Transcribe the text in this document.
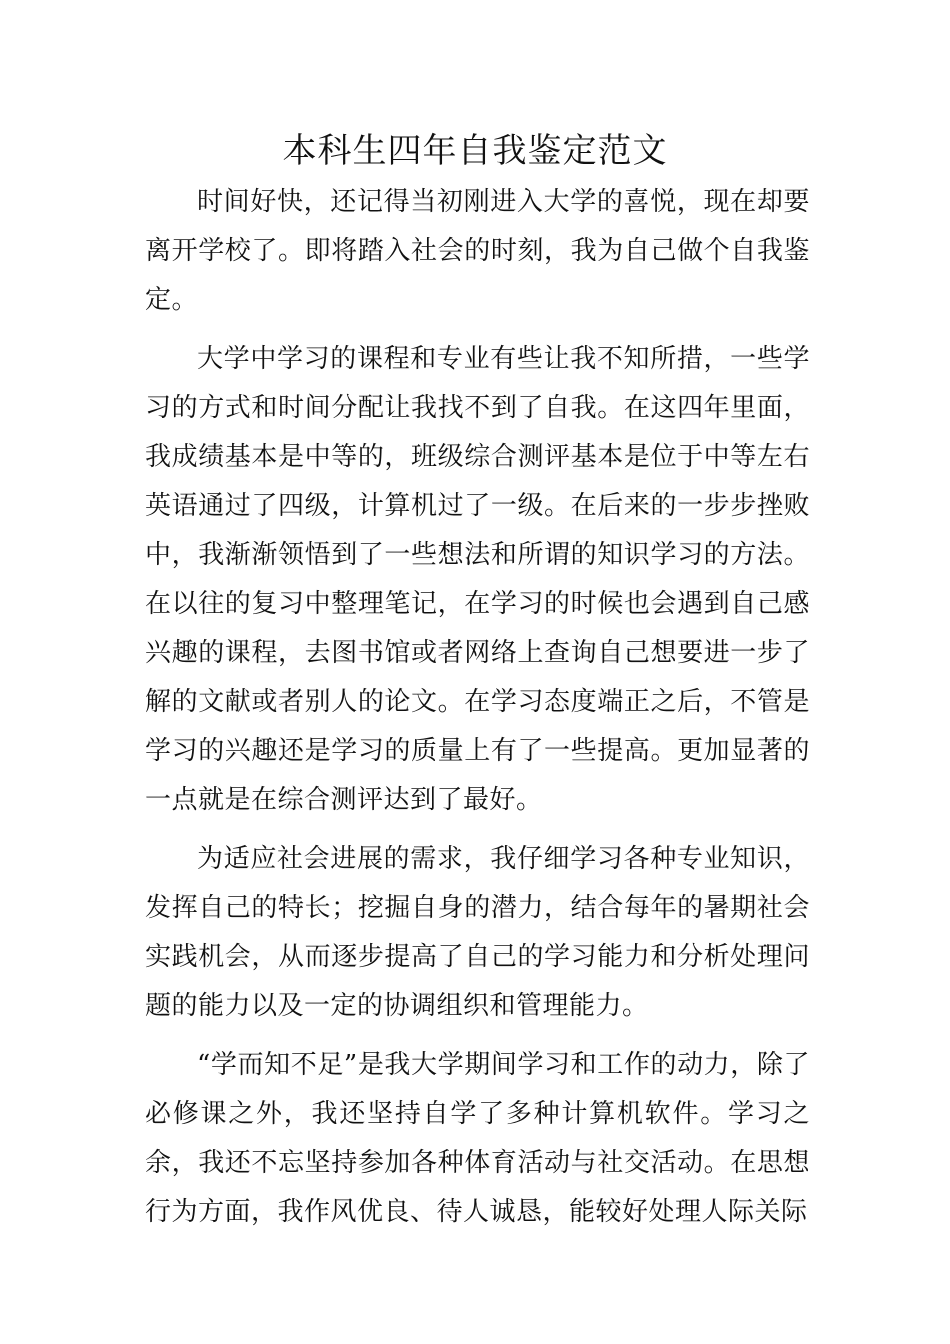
本科生四年自我鉴定范文

时间好快，还记得当初刚进入大学的喜悦，现在却要离开学校了。即将踏入社会的时刻，我为自己做个自我鉴定。

大学中学习的课程和专业有些让我不知所措，一些学习的方式和时间分配让我找不到了自我。在这四年里面，我成绩基本是中等的，班级综合测评基本是位于中等左右英语通过了四级，计算机过了一级。在后来的一步步挫败中，我渐渐领悟到了一些想法和所谓的知识学习的方法。在以往的复习中整理笔记，在学习的时候也会遇到自己感兴趣的课程，去图书馆或者网络上查询自己想要进一步了解的文献或者别人的论文。在学习态度端正之后，不管是学习的兴趣还是学习的质量上有了一些提高。更加显著的一点就是在综合测评达到了最好。

为适应社会进展的需求，我仔细学习各种专业知识，发挥自己的特长；挖掘自身的潜力，结合每年的暑期社会实践机会，从而逐步提高了自己的学习能力和分析处理问题的能力以及一定的协调组织和管理能力。

“学而知不足”是我大学期间学习和工作的动力，除了必修课之外，我还坚持自学了多种计算机软件。学习之余，我还不忘坚持参加各种体育活动与社交活动。在思想行为方面，我作风优良、待人诚恳，能较好处理人际关际
